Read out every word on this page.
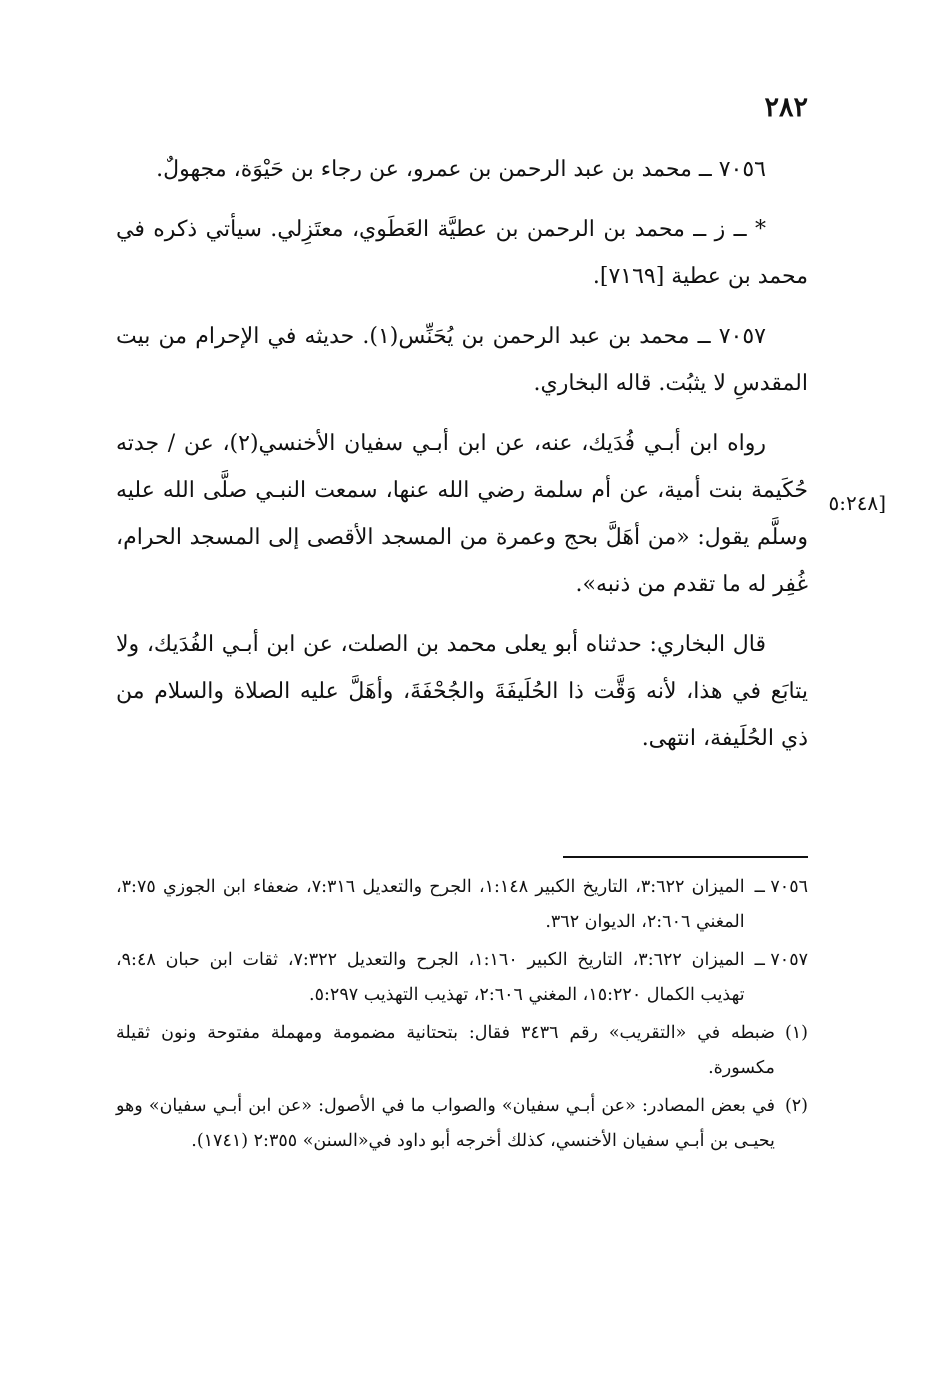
٢٨٢
[٥:٢٤٨

٧٠٥٦ ــ محمد بن عبد الرحمن بن عمرو، عن رجاء بن حَيْوَة، مجهولٌ.

* ــ ز ــ محمد بن الرحمن بن عطيَّة العَطَوي، معتَزِلي. سيأتي ذكره في محمد بن عطية [٧١٦٩].

٧٠٥٧ ــ محمد بن عبد الرحمن بن يُحَنِّس(١). حديثه في الإحرام من بيت المقدسِ لا يثبُت. قاله البخاري.

رواه ابن أبـي فُدَيك، عنه، عن ابن أبـي سفيان الأخنسي(٢)، عن / جدته حُكَيمة بنت أمية، عن أم سلمة رضي الله عنها، سمعت النبـي صلَّى الله عليه وسلَّم يقول: «من أهَلَّ بحج وعمرة من المسجد الأقصى إلى المسجد الحرام، غُفِر له ما تقدم من ذنبه».

قال البخاري: حدثناه أبو يعلى محمد بن الصلت، عن ابن أبـي الفُدَيك، ولا يتابَع في هذا، لأنه وَقَّت ذا الحُلَيفَةَ والجُحْفَةَ، وأهَلَّ عليه الصلاة والسلام من ذي الحُلَيفة، انتهى.

٧٠٥٦ ــ
الميزان ٣:٦٢٢، التاريخ الكبير ١:١٤٨، الجرح والتعديل ٧:٣١٦، ضعفاء ابن الجوزي ٣:٧٥، المغني ٢:٦٠٦، الديوان ٣٦٢.
٧٠٥٧ ــ
الميزان ٣:٦٢٢، التاريخ الكبير ١:١٦٠، الجرح والتعديل ٧:٣٢٢، ثقات ابن حبان ٩:٤٨، تهذيب الكمال ١٥:٢٢٠، المغني ٢:٦٠٦، تهذيب التهذيب ٥:٢٩٧.
(١)
ضبطه في «التقريب» رقم ٣٤٣٦ فقال: بتحتانية مضمومة ومهملة مفتوحة ونون ثقيلة مكسورة.
(٢)
في بعض المصادر: «عن أبـي سفيان» والصواب ما في الأصول: «عن ابن أبـي سفيان» وهو يحيـى بن أبـي سفيان الأخنسي، كذلك أخرجه أبو داود في«السنن» ٢:٣٥٥ (١٧٤١).
